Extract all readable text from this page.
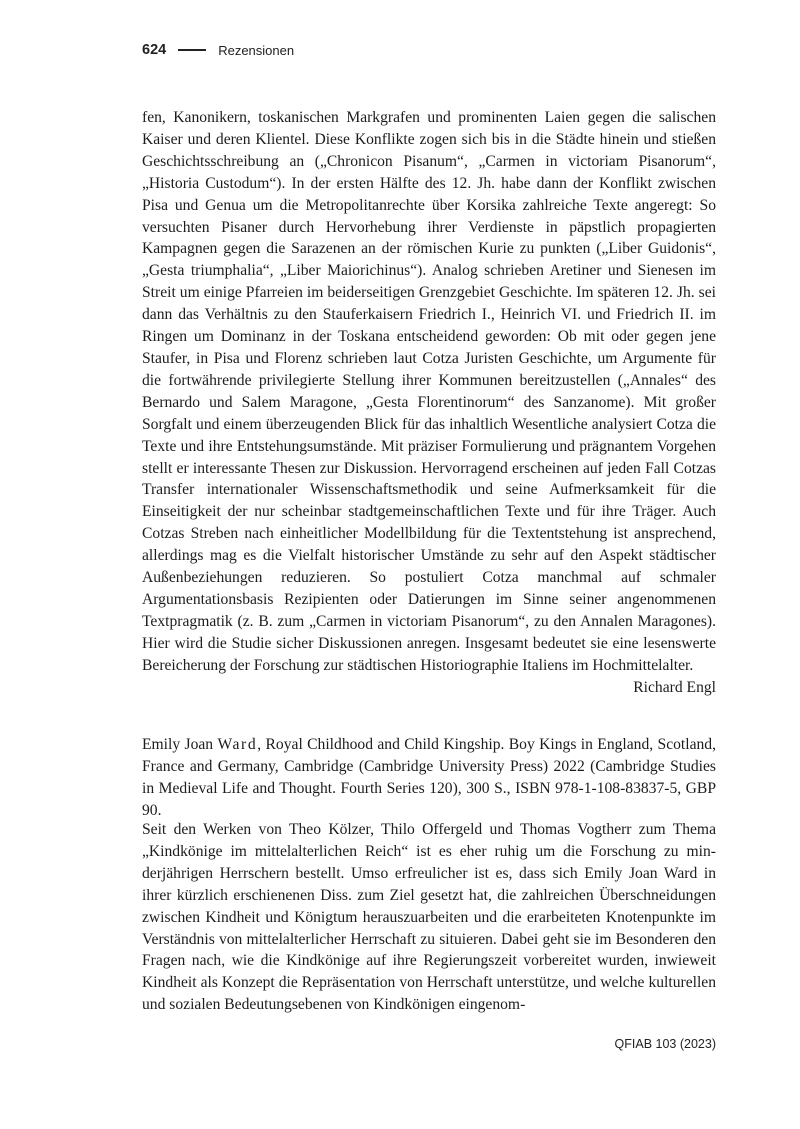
624	Rezensionen

fen, Kanonikern, toskanischen Markgrafen und prominenten Laien gegen die salischen Kaiser und deren Klientel. Diese Konflikte zogen sich bis in die Städte hinein und stießen Geschichtsschreibung an („Chronicon Pisanum“, „Carmen in victoriam Pisanorum“, „Historia Custodum“). In der ersten Hälfte des 12. Jh. habe dann der Konflikt zwischen Pisa und Genua um die Metropolitanrechte über Korsika zahlreiche Texte angeregt: So versuchten Pisaner durch Hervorhebung ihrer Verdienste in päpstlich propagierten Kampagnen gegen die Sarazenen an der römischen Kurie zu punkten („Liber Guidonis“, „Gesta triumphalia“, „Liber Maiorichinus“). Analog schrieben Aretiner und Sienesen im Streit um einige Pfarreien im beiderseitigen Grenzgebiet Geschichte. Im späteren 12. Jh. sei dann das Verhältnis zu den Stauferkaisern Friedrich I., Heinrich VI. und Friedrich II. im Ringen um Dominanz in der Toskana entscheidend geworden: Ob mit oder gegen jene Staufer, in Pisa und Florenz schrieben laut Cotza Juristen Geschichte, um Argumente für die fortwährende privilegierte Stellung ihrer Kommunen bereitzustellen („Annales“ des Bernardo und Salem Maragone, „Gesta Florentinorum“ des Sanzanome). Mit großer Sorgfalt und einem überzeugenden Blick für das inhaltlich Wesentliche analysiert Cotza die Texte und ihre Entstehungsumstände. Mit präziser Formulierung und prägnantem Vorgehen stellt er interessante Thesen zur Diskussion. Hervorragend erscheinen auf jeden Fall Cotzas Transfer internationaler Wissenschaftsmethodik und seine Aufmerksamkeit für die Einseitigkeit der nur scheinbar stadtgemeinschaftlichen Texte und für ihre Träger. Auch Cotzas Streben nach einheitlicher Modellbildung für die Textentstehung ist ansprechend, allerdings mag es die Vielfalt historischer Umstände zu sehr auf den Aspekt städtischer Außenbeziehungen reduzieren. So postuliert Cotza manchmal auf schmaler Argumentationsbasis Rezipienten oder Datierungen im Sinne seiner angenommenen Textpragmatik (z. B. zum „Carmen in victoriam Pisanorum“, zu den Annalen Maragones). Hier wird die Studie sicher Diskussionen anregen. Insgesamt bedeutet sie eine lesenswerte Bereicherung der Forschung zur städtischen Historiographie Italiens im Hochmittelalter.
Richard Engl

Emily Joan Ward, Royal Childhood and Child Kingship. Boy Kings in England, Scotland, France and Germany, Cambridge (Cambridge University Press) 2022 (Cambridge Studies in Medieval Life and Thought. Fourth Series 120), 300 S., ISBN 978-1-108-83837-5, GBP 90.

Seit den Werken von Theo Kölzer, Thilo Offergeld und Thomas Vogtherr zum Thema „Kindkönige im mittelalterlichen Reich“ ist es eher ruhig um die Forschung zu minderjährigen Herrschern bestellt. Umso erfreulicher ist es, dass sich Emily Joan Ward in ihrer kürzlich erschienenen Diss. zum Ziel gesetzt hat, die zahlreichen Überschneidungen zwischen Kindheit und Königtum herauszuarbeiten und die erarbeiteten Knotenpunkte im Verständnis von mittelalterlicher Herrschaft zu situieren. Dabei geht sie im Besonderen den Fragen nach, wie die Kindkönige auf ihre Regierungszeit vorbereitet wurden, inwieweit Kindheit als Konzept die Repräsentation von Herrschaft unterstütze, und welche kulturellen und sozialen Bedeutungsebenen von Kindkönigen eingenom-

QFIAB 103 (2023)
